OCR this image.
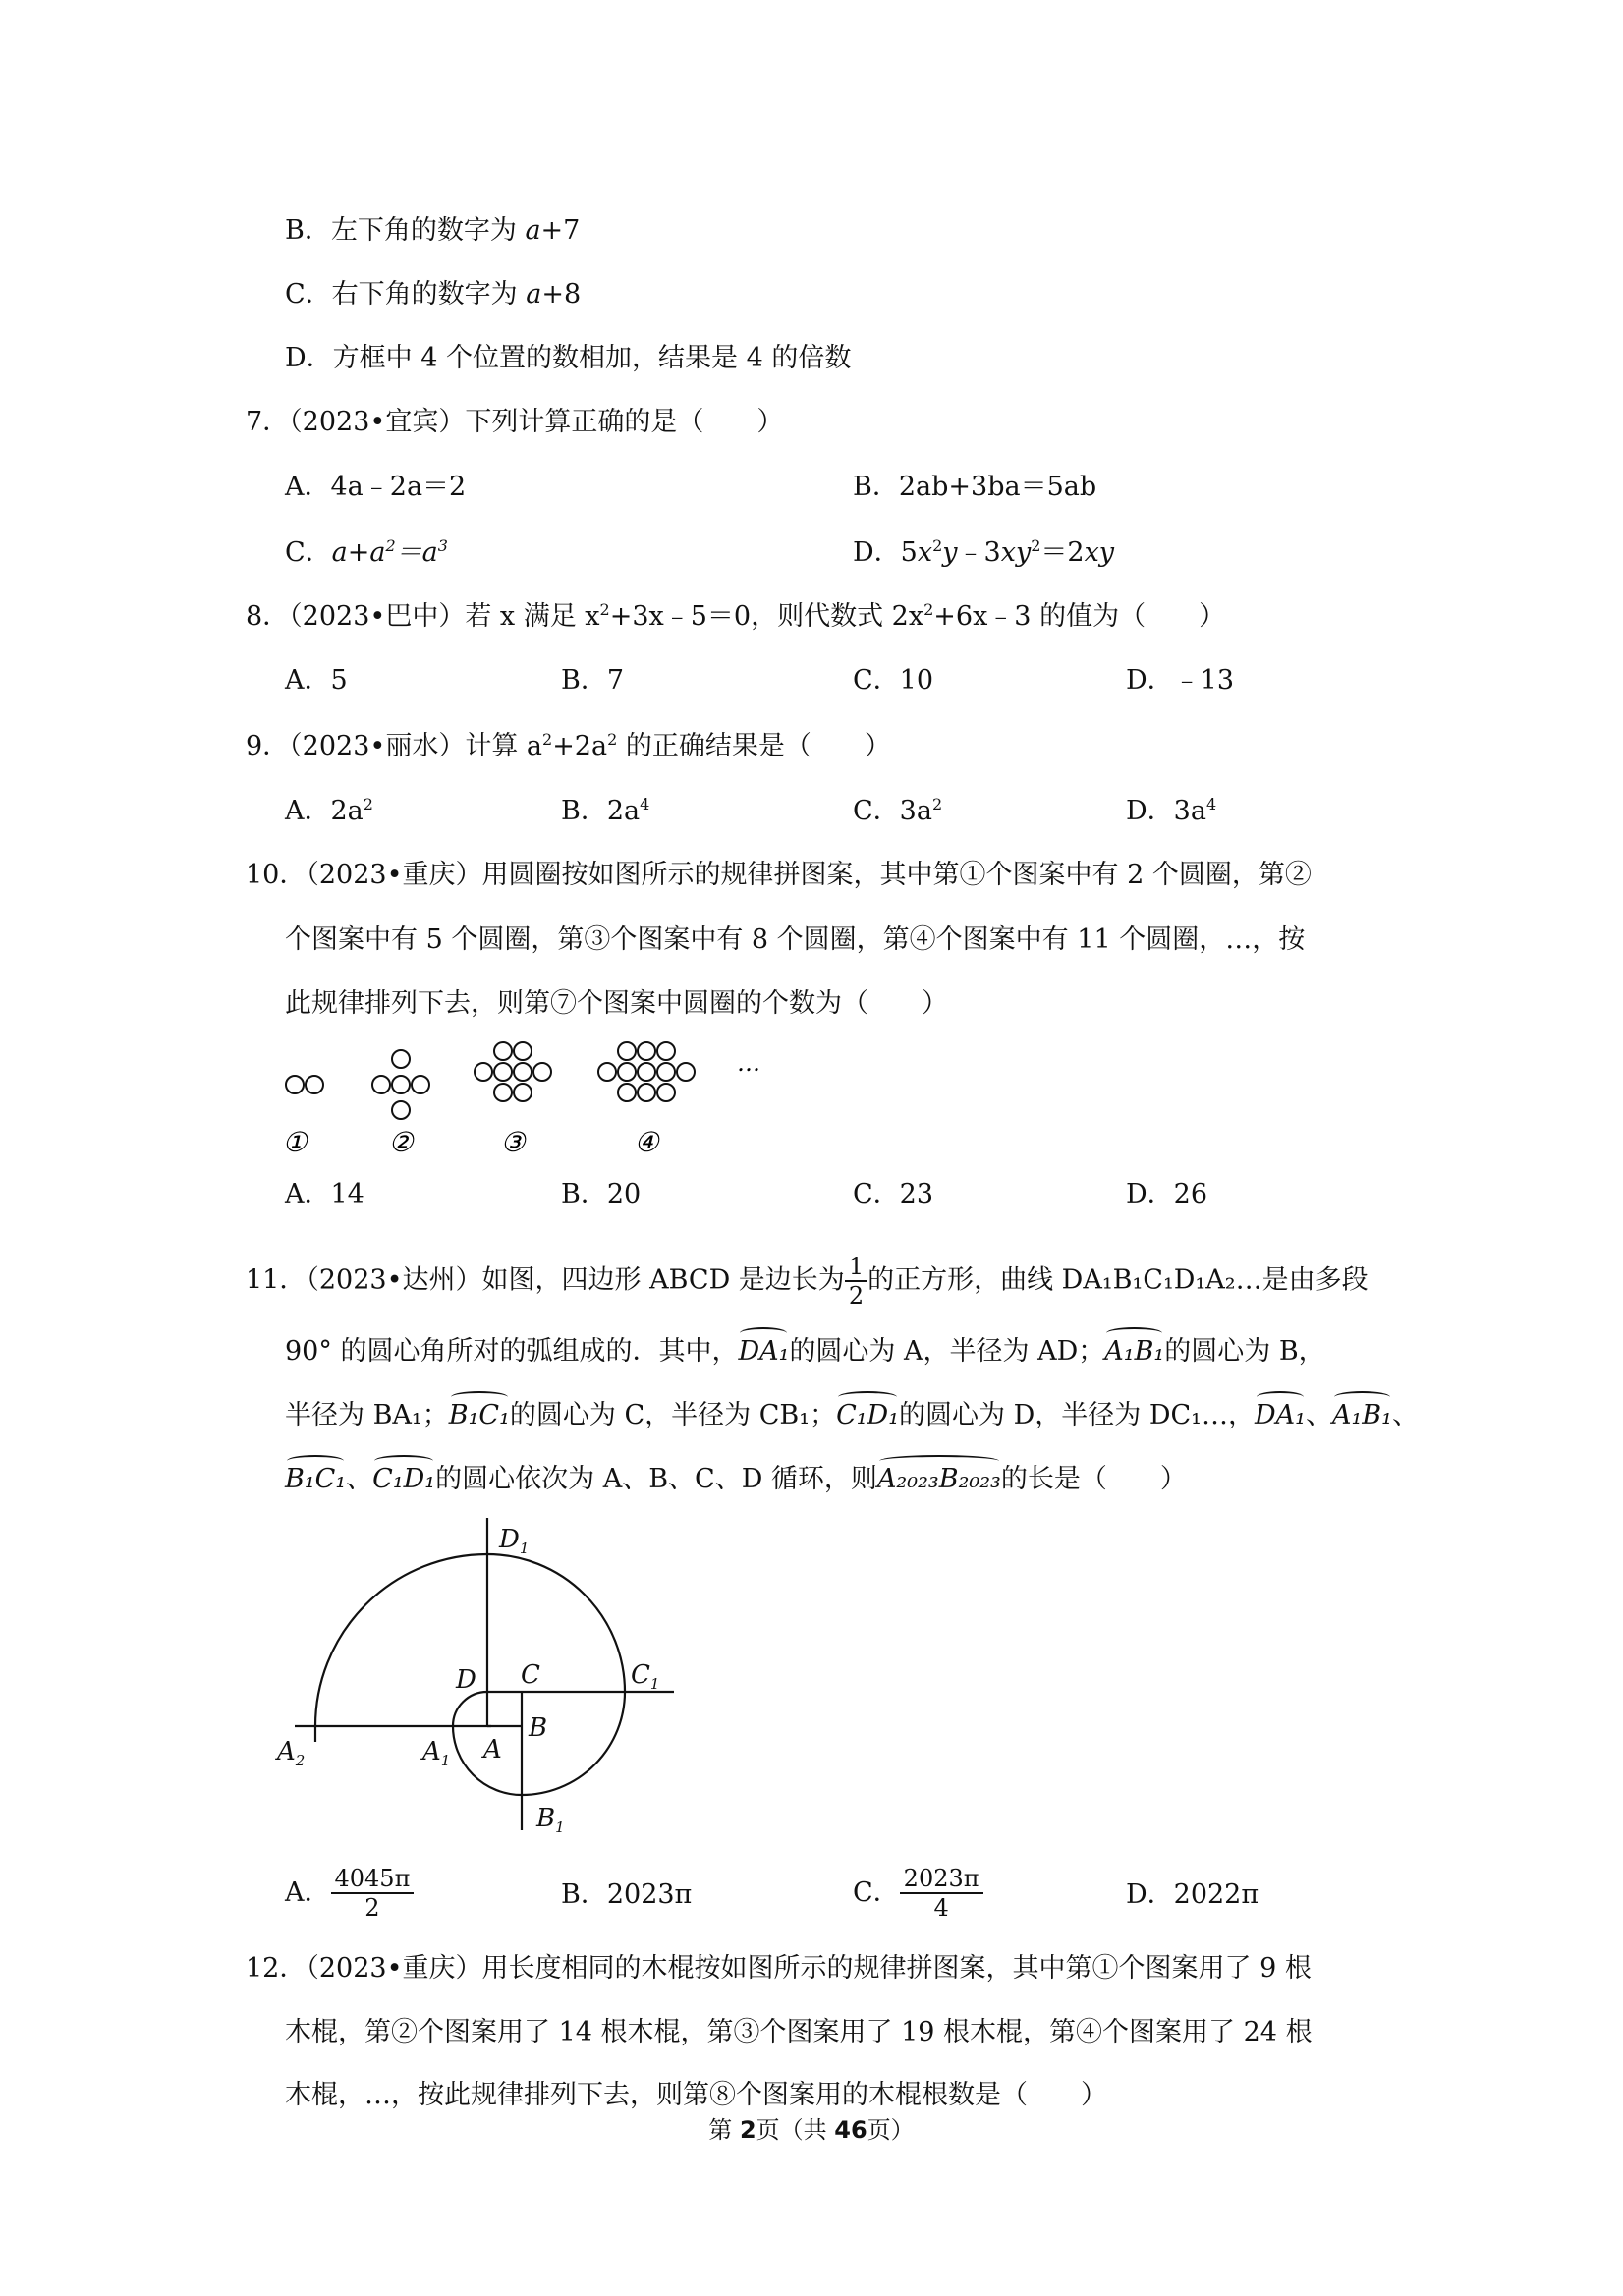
B．左下角的数字为 a+7
C．右下角的数字为 a+8
D．方框中 4 个位置的数相加，结果是 4 的倍数
7．（2023•宜宾）下列计算正确的是（　　）
A．4a﹣2a＝2	B．2ab+3ba＝5ab
C．$a+a^2=a^3$	D．$5x^2y﹣3xy^2=2xy$
8．（2023•巴中）若 x 满足 $x^2+3x﹣5=0$，则代数式 $2x^2+6x﹣3$ 的值为（　　）
A．5	B．7	C．10	D．﹣13
9．（2023•丽水）计算 $a^2+2a^2$ 的正确结果是（　　）
A．$2a^2$	B．$2a^4$	C．$3a^2$	D．$3a^4$
10．（2023•重庆）用圆圈按如图所示的规律拼图案，其中第①个图案中有 2 个圆圈，第②
个图案中有 5 个圆圈，第③个图案中有 8 个圆圈，第④个图案中有 11 个圆圈，…，按
此规律排列下去，则第⑦个图案中圆圈的个数为（　　）
…
①	②	③	④
A．14	B．20	C．23	D．26
11．（2023•达州）如图，四边形 ABCD 是边长为 $\frac{1}{2}$ 的正方形，曲线 DA₁B₁C₁D₁A₂…是由多段
90° 的圆心角所对的弧组成的．其中，DA₁的圆心为 A，半径为 AD；A₁B₁的圆心为 B，
半径为 BA₁；B₁C₁的圆心为 C，半径为 CB₁；C₁D₁的圆心为 D，半径为 DC₁…，DA₁、A₁B₁、
B₁C₁、C₁D₁的圆心依次为 A、B、C、D 循环，则A₂₀₂₃B₂₀₂₃的长是（　　）
$D_1$
C	$C_1$
D
$A_2$	$A_1$ A
B
$B_1$
A． $\frac{4045\pi}{2}$	B．2023π	C． $\frac{2023\pi}{4}$	D．2022π
12．（2023•重庆）用长度相同的木棍按如图所示的规律拼图案，其中第①个图案用了 9 根
木棍，第②个图案用了 14 根木棍，第③个图案用了 19 根木棍，第④个图案用了 24 根
木棍，…，按此规律排列下去，则第⑧个图案用的木棍根数是（　　）
第 2页（共 46页）
